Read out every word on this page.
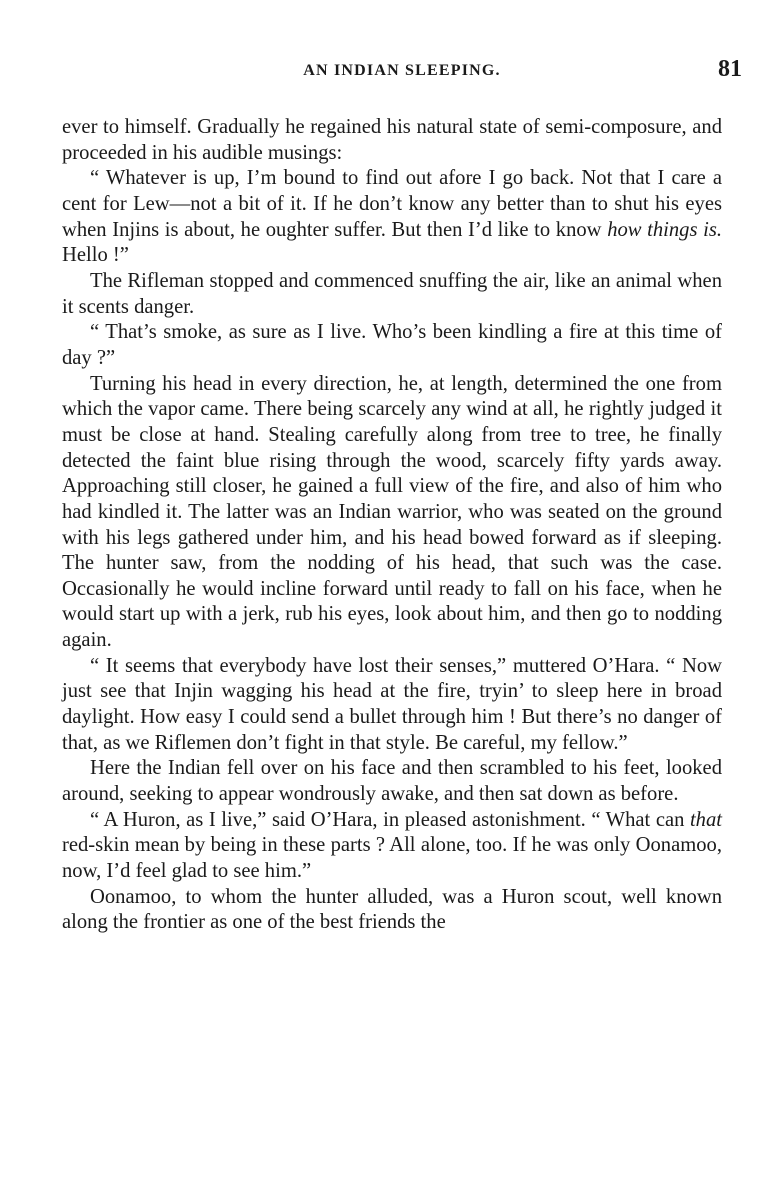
AN INDIAN SLEEPING.	81

ever to himself. Gradually he regained his natural state of semi-composure, and proceeded in his audible musings:

“ Whatever is up, I’m bound to find out afore I go back. Not that I care a cent for Lew—not a bit of it. If he don’t know any better than to shut his eyes when Injins is about, he oughter suffer. But then I’d like to know how things is. Hello !”

The Rifleman stopped and commenced snuffing the air, like an animal when it scents danger.

“ That’s smoke, as sure as I live. Who’s been kindling a fire at this time of day ?”

Turning his head in every direction, he, at length, determined the one from which the vapor came. There being scarcely any wind at all, he rightly judged it must be close at hand. Stealing carefully along from tree to tree, he finally detected the faint blue rising through the wood, scarcely fifty yards away. Approaching still closer, he gained a full view of the fire, and also of him who had kindled it. The latter was an Indian warrior, who was seated on the ground with his legs gathered under him, and his head bowed forward as if sleeping. The hunter saw, from the nodding of his head, that such was the case. Occasionally he would incline forward until ready to fall on his face, when he would start up with a jerk, rub his eyes, look about him, and then go to nodding again.

“ It seems that everybody have lost their senses,” muttered O’Hara. “ Now just see that Injin wagging his head at the fire, tryin’ to sleep here in broad daylight. How easy I could send a bullet through him ! But there’s no danger of that, as we Riflemen don’t fight in that style. Be careful, my fellow.”

Here the Indian fell over on his face and then scrambled to his feet, looked around, seeking to appear wondrously awake, and then sat down as before.

“ A Huron, as I live,” said O’Hara, in pleased astonishment. “ What can that red-skin mean by being in these parts ? All alone, too. If he was only Oonamoo, now, I’d feel glad to see him.”

Oonamoo, to whom the hunter alluded, was a Huron scout, well known along the frontier as one of the best friends the
